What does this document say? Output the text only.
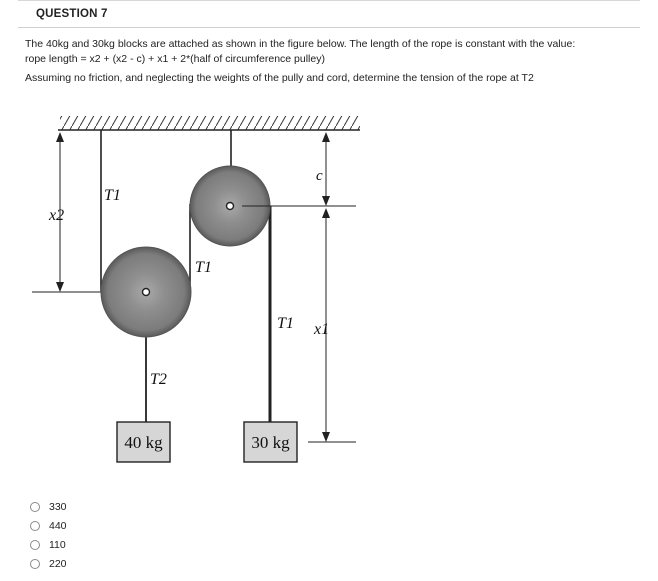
QUESTION 7
The 40kg and 30kg blocks are attached as shown in the figure below. The length of the rope is constant with the value:
rope length = x2 + (x2 - c) + x1 + 2*(half of circumference pulley)
Assuming no friction, and neglecting the weights of the pully and cord, determine the tension of the rope at T2
40 kg	30 kg
x2
T1
T1
T1
T2
c
x1
330
440
110
220
